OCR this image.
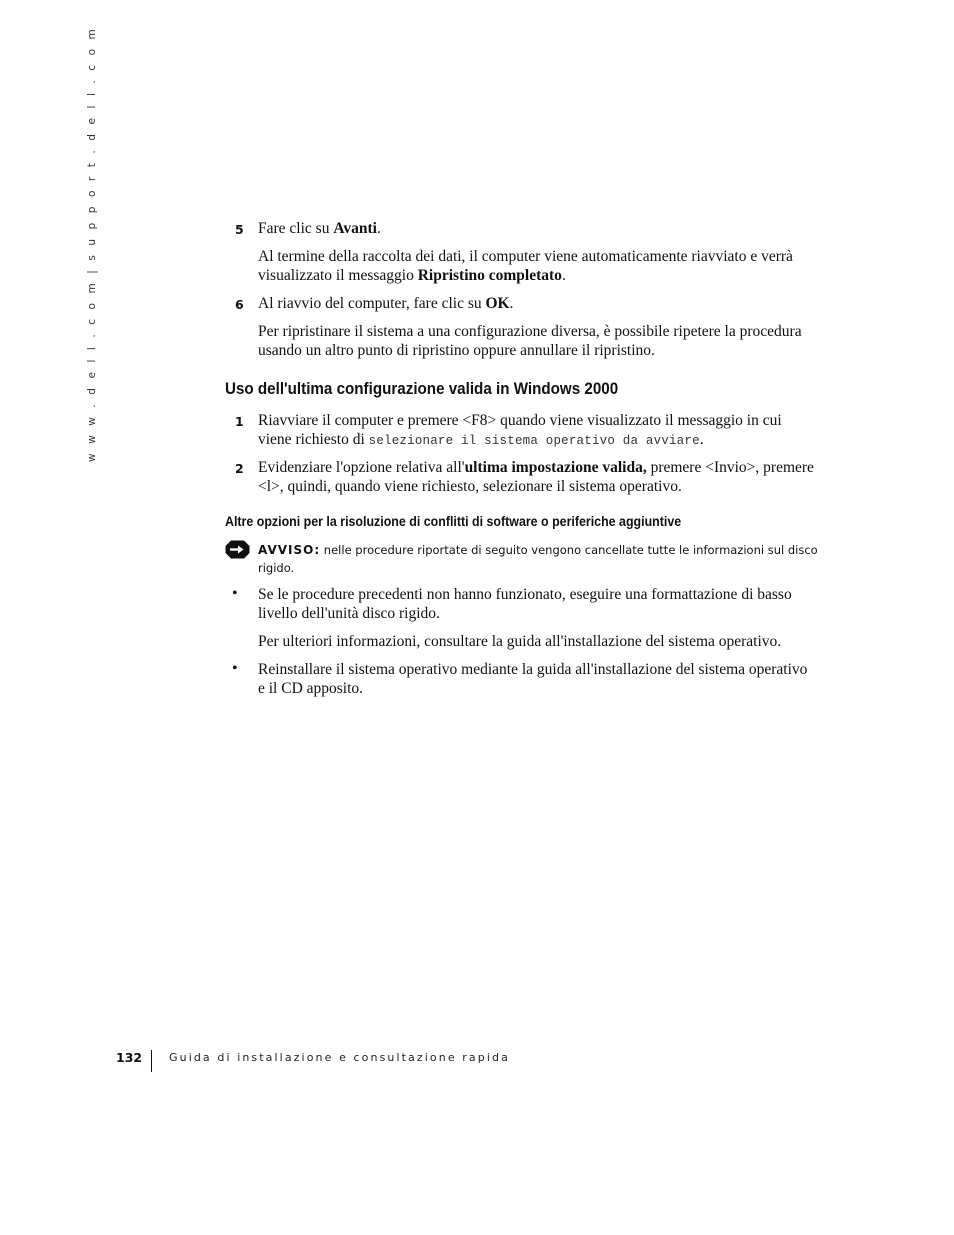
w w w . d e l l . c o m | s u p p o r t . d e l l . c o m	5 Fare clic su Avanti.

Al termine della raccolta dei dati, il computer viene automaticamente riavviato e verrà visualizzato il messaggio Ripristino completato.

6 Al riavvio del computer, fare clic su OK.

Per ripristinare il sistema a una configurazione diversa, è possibile ripetere la procedura usando un altro punto di ripristino oppure annullare il ripristino.

Uso dell'ultima configurazione valida in Windows 2000
1 Riavviare il computer e premere <F8> quando viene visualizzato il messaggio in cui viene richiesto di selezionare il sistema operativo da avviare.

2 Evidenziare l'opzione relativa all'ultima impostazione valida, premere <Invio>, premere <l>, quindi, quando viene richiesto, selezionare il sistema operativo.

Altre opzioni per la risoluzione di conflitti di software o periferiche aggiuntive
AVVISO: nelle procedure riportate di seguito vengono cancellate tutte le informazioni sul disco rigido.
• Se le procedure precedenti non hanno funzionato, eseguire una formattazione di basso livello dell'unità disco rigido.

Per ulteriori informazioni, consultare la guida all'installazione del sistema operativo.

• Reinstallare il sistema operativo mediante la guida all'installazione del sistema operativo e il CD apposito.

132 Guida di installazione e consultazione rapida
